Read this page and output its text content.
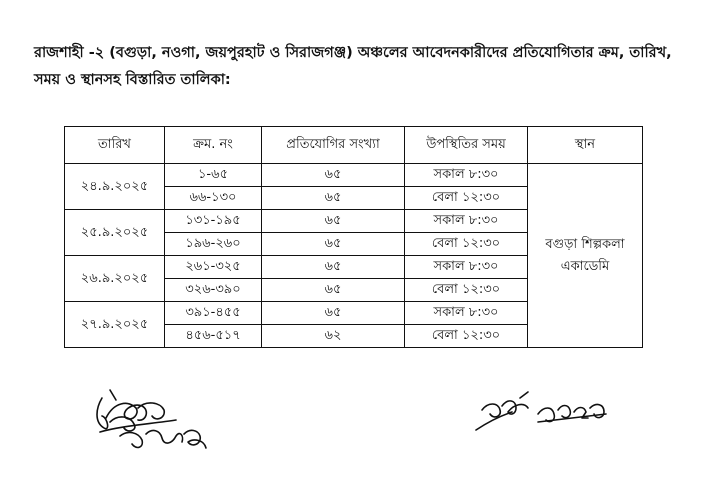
রাজশাহী -২ (বগুড়া, নওগা, জয়পুরহাট ও সিরাজগঞ্জ) অঞ্চলের আবেদনকারীদের প্রতিযোগিতার ক্রম, তারিখ,
সময় ও স্থানসহ বিস্তারিত তালিকা:

তারিখ	ক্রম. নং	প্রতিযোগির সংখ্যা	উপস্থিতির সময়	স্থান
২৪.৯.২০২৫	১-৬৫	৬৫	সকাল ৮:৩০	বগুড়া শিল্পকলা একাডেমি
	৬৬-১৩০	৬৫	বেলা ১২:৩০	
২৫.৯.২০২৫	১৩১-১৯৫	৬৫	সকাল ৮:৩০	
	১৯৬-২৬০	৬৫	বেলা ১২:৩০	
২৬.৯.২০২৫	২৬১-৩২৫	৬৫	সকাল ৮:৩০	
	৩২৬-৩৯০	৬৫	বেলা ১২:৩০	
২৭.৯.২০২৫	৩৯১-৪৫৫	৬৫	সকাল ৮:৩০	
	৪৫৬-৫১৭	৬২	বেলা ১২:৩০	
